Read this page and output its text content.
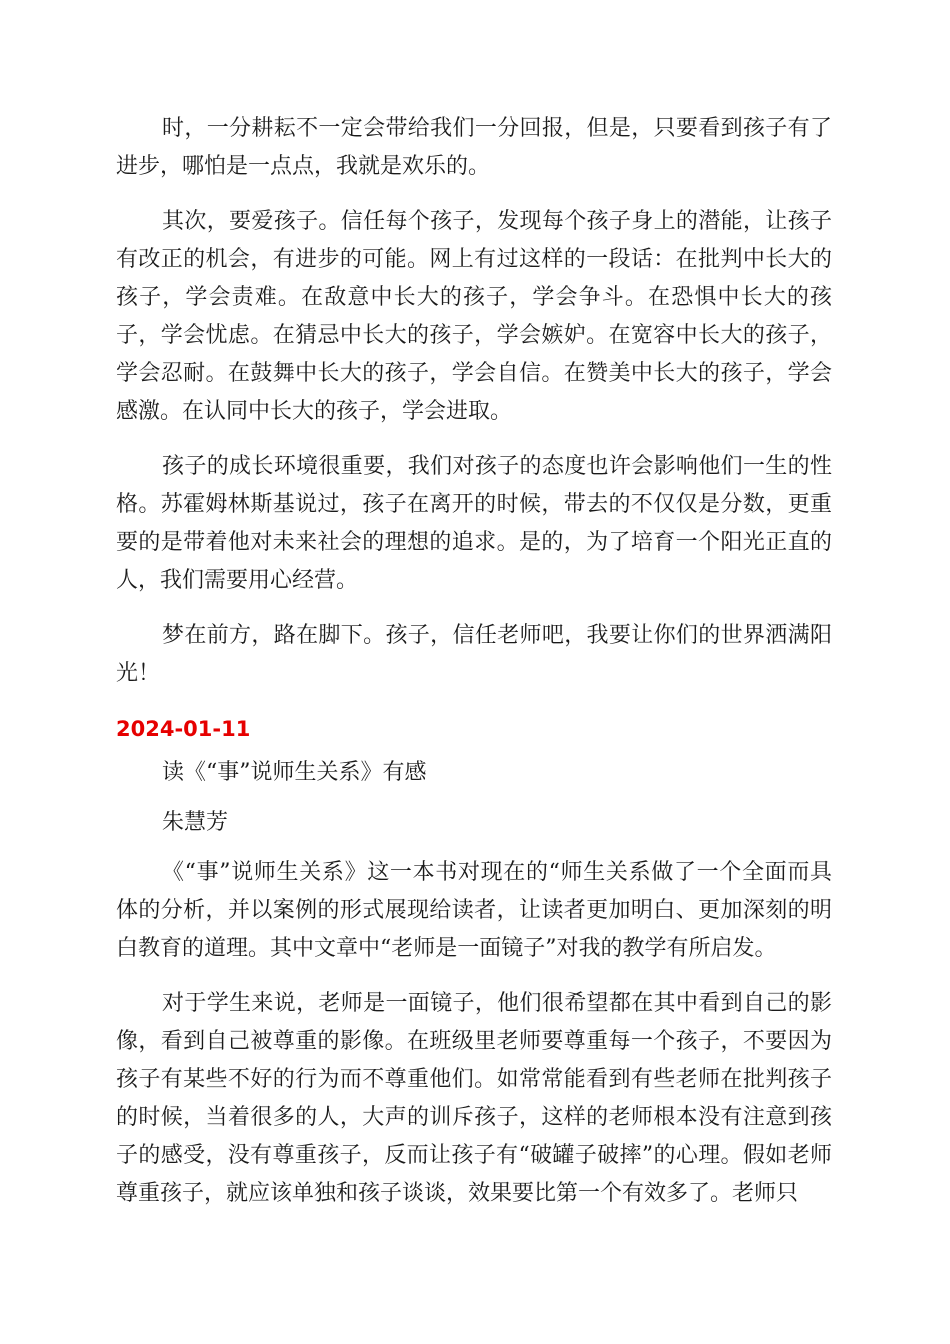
时，一分耕耘不一定会带给我们一分回报，但是，只要看到孩子有了进步，哪怕是一点点，我就是欢乐的。

其次，要爱孩子。信任每个孩子，发现每个孩子身上的潜能，让孩子有改正的机会，有进步的可能。网上有过这样的一段话：在批判中长大的孩子，学会责难。在敌意中长大的孩子，学会争斗。在恐惧中长大的孩子，学会忧虑。在猜忌中长大的孩子，学会嫉妒。在宽容中长大的孩子，学会忍耐。在鼓舞中长大的孩子，学会自信。在赞美中长大的孩子，学会感激。在认同中长大的孩子，学会进取。

孩子的成长环境很重要，我们对孩子的态度也许会影响他们一生的性格。苏霍姆林斯基说过，孩子在离开的时候，带去的不仅仅是分数，更重要的是带着他对未来社会的理想的追求。是的，为了培育一个阳光正直的人，我们需要用心经营。

梦在前方，路在脚下。孩子，信任老师吧，我要让你们的世界洒满阳光！

2024-01-11

读《“事”说师生关系》有感

朱慧芳

《“事”说师生关系》这一本书对现在的“师生关系做了一个全面而具体的分析，并以案例的形式展现给读者，让读者更加明白、更加深刻的明白教育的道理。其中文章中“老师是一面镜子”对我的教学有所启发。

对于学生来说，老师是一面镜子，他们很希望都在其中看到自己的影像，看到自己被尊重的影像。在班级里老师要尊重每一个孩子，不要因为孩子有某些不好的行为而不尊重他们。如常常能看到有些老师在批判孩子的时候，当着很多的人，大声的训斥孩子，这样的老师根本没有注意到孩子的感受，没有尊重孩子，反而让孩子有“破罐子破摔”的心理。假如老师尊重孩子，就应该单独和孩子谈谈，效果要比第一个有效多了。老师只
